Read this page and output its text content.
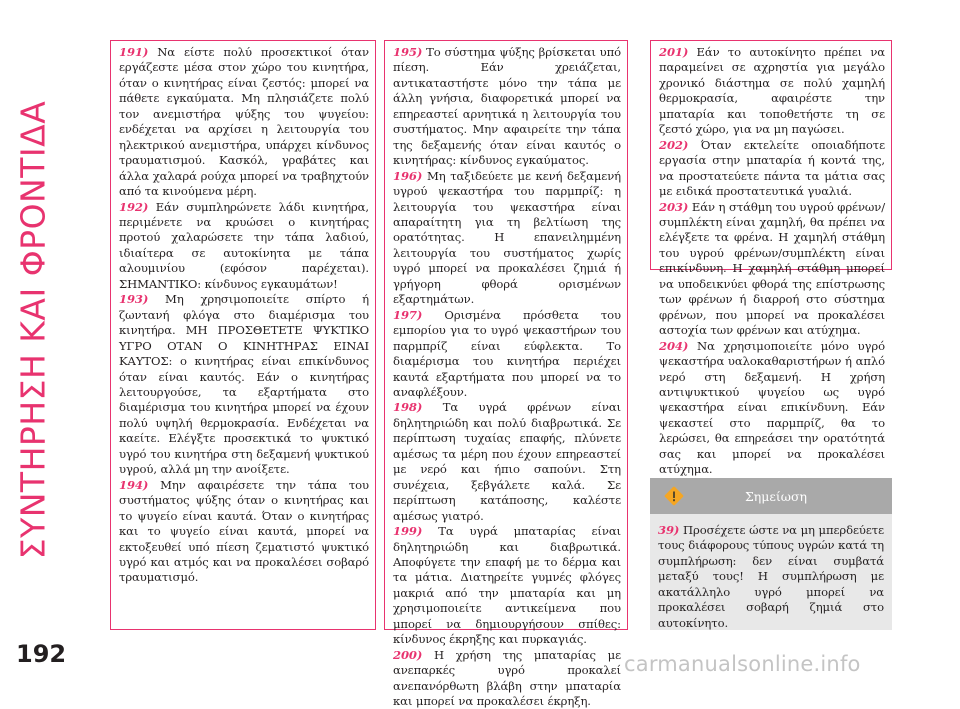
ΣΥΝΤΗΡΗΣΗ ΚΑΙ ΦΡΟΝΤΙΔΑ

191) Να είστε πολύ προσεκτικοί όταν εργάζεστε μέσα στον χώρο του κινητήρα, όταν ο κινητήρας είναι ζεστός: μπορεί να πάθετε εγκαύματα. Μη πλησιάζετε πολύ τον ανεμιστήρα ψύξης του ψυγείου: ενδέχεται να αρχίσει η λειτουργία του ηλεκτρικού ανεμιστήρα, υπάρχει κίνδυνος τραυματισμού. Κασκόλ, γραβάτες και άλλα χαλαρά ρούχα μπορεί να τραβηχτούν από τα κινούμενα μέρη.

192) Εάν συμπληρώνετε λάδι κινητήρα, περιμένετε να κρυώσει ο κινητήρας προτού χαλαρώσετε την τάπα λαδιού, ιδιαίτερα σε αυτοκίνητα με τάπα αλουμινίου (εφόσον παρέχεται). ΣΗΜΑΝΤΙΚΟ: κίνδυνος εγκαυμάτων!

193) Μη χρησιμοποιείτε σπίρτο ή ζωντανή φλόγα στο διαμέρισμα του κινητήρα. ΜΗ ΠΡΟΣΘΕΤΕΤΕ ΨΥΚΤΙΚΟ ΥΓΡΟ ΟΤΑΝ Ο ΚΙΝΗΤΗΡΑΣ ΕΙΝΑΙ ΚΑΥΤΟΣ: ο κινητήρας είναι επικίνδυνος όταν είναι καυτός. Εάν ο κινητήρας λειτουργούσε, τα εξαρτήματα στο διαμέρισμα του κινητήρα μπορεί να έχουν πολύ υψηλή θερμοκρασία. Ενδέχεται να καείτε. Ελέγξτε προσεκτικά το ψυκτικό υγρό του κινητήρα στη δεξαμενή ψυκτικού υγρού, αλλά μη την ανοίξετε.

194) Μην αφαιρέσετε την τάπα του συστήματος ψύξης όταν ο κινητήρας και το ψυγείο είναι καυτά. Όταν ο κινητήρας και το ψυγείο είναι καυτά, μπορεί να εκτοξευθεί υπό πίεση ζεματιστό ψυκτικό υγρό και ατμός και να προκαλέσει σοβαρό τραυματισμό.

195) Το σύστημα ψύξης βρίσκεται υπό πίεση. Εάν χρειάζεται, αντικαταστήστε μόνο την τάπα με άλλη γνήσια, διαφορετικά μπορεί να επηρεαστεί αρνητικά η λειτουργία του συστήματος. Μην αφαιρείτε την τάπα της δεξαμενής όταν είναι καυτός ο κινητήρας: κίνδυνος εγκαύματος.

196) Μη ταξιδεύετε με κενή δεξαμενή υγρού ψεκαστήρα του παρμπρίζ: η λειτουργία του ψεκαστήρα είναι απαραίτητη για τη βελτίωση της ορατότητας. Η επανειλημμένη λειτουργία του συστήματος χωρίς υγρό μπορεί να προκαλέσει ζημιά ή γρήγορη φθορά ορισμένων εξαρτημάτων.

197) Ορισμένα πρόσθετα του εμπορίου για το υγρό ψεκαστήρων του παρμπρίζ είναι εύφλεκτα. Το διαμέρισμα του κινητήρα περιέχει καυτά εξαρτήματα που μπορεί να το αναφλέξουν.

198) Τα υγρά φρένων είναι δηλητηριώδη και πολύ διαβρωτικά. Σε περίπτωση τυχαίας επαφής, πλύνετε αμέσως τα μέρη που έχουν επηρεαστεί με νερό και ήπιο σαπούνι. Στη συνέχεια, ξεβγάλετε καλά. Σε περίπτωση κατάποσης, καλέστε αμέσως γιατρό.

199) Τα υγρά μπαταρίας είναι δηλητηριώδη και διαβρωτικά. Αποφύγετε την επαφή με το δέρμα και τα μάτια. Διατηρείτε γυμνές φλόγες μακριά από την μπαταρία και μη χρησιμοποιείτε αντικείμενα που μπορεί να δημιουργήσουν σπίθες: κίνδυνος έκρηξης και πυρκαγιάς.

200) Η χρήση της μπαταρίας με ανεπαρκές υγρό προκαλεί ανεπανόρθωτη βλάβη στην μπαταρία και μπορεί να προκαλέσει έκρηξη.

201) Εάν το αυτοκίνητο πρέπει να παραμείνει σε αχρηστία για μεγάλο χρονικό διάστημα σε πολύ χαμηλή θερμοκρασία, αφαιρέστε την μπαταρία και τοποθετήστε τη σε ζεστό χώρο, για να μη παγώσει.

202) Όταν εκτελείτε οποιαδήποτε εργασία στην μπαταρία ή κοντά της, να προστατεύετε πάντα τα μάτια σας με ειδικά προστατευτικά γυαλιά.

203) Εάν η στάθμη του υγρού φρένων/συμπλέκτη είναι χαμηλή, θα πρέπει να ελέγξετε τα φρένα. Η χαμηλή στάθμη του υγρού φρένων/συμπλέκτη είναι επικίνδυνη. Η χαμηλή στάθμη μπορεί να υποδεικνύει φθορά της επίστρωσης των φρένων ή διαρροή στο σύστημα φρένων, που μπορεί να προκαλέσει αστοχία των φρένων και ατύχημα.

204) Να χρησιμοποιείτε μόνο υγρό ψεκαστήρα υαλοκαθαριστήρων ή απλό νερό στη δεξαμενή. Η χρήση αντιψυκτικού ψυγείου ως υγρό ψεκαστήρα είναι επικίνδυνη. Εάν ψεκαστεί στο παρμπρίζ, θα το λερώσει, θα επηρεάσει την ορατότητά σας και μπορεί να προκαλέσει ατύχημα.

Σημείωση

39) Προσέχετε ώστε να μη μπερδεύετε τους διάφορους τύπους υγρών κατά τη συμπλήρωση: δεν είναι συμβατά μεταξύ τους! Η συμπλήρωση με ακατάλληλο υγρό μπορεί να προκαλέσει σοβαρή ζημιά στο αυτοκίνητο.

192	carmanualsonline.info
